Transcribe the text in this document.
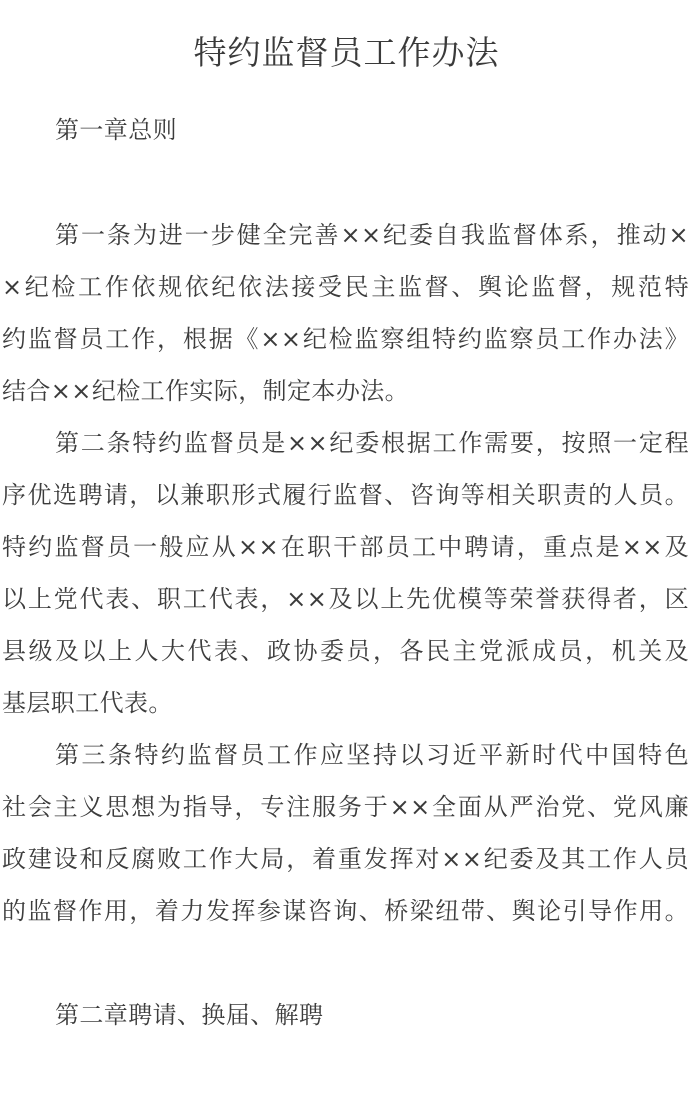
特约监督员工作办法
第一章总则
第一条为进一步健全完善××纪委自我监督体系，推动×
×纪检工作依规依纪依法接受民主监督、舆论监督，规范特
约监督员工作，根据《××纪检监察组特约监察员工作办法》
结合××纪检工作实际，制定本办法。
第二条特约监督员是××纪委根据工作需要，按照一定程
序优选聘请，以兼职形式履行监督、咨询等相关职责的人员。
特约监督员一般应从××在职干部员工中聘请，重点是××及
以上党代表、职工代表，××及以上先优模等荣誉获得者，区
县级及以上人大代表、政协委员，各民主党派成员，机关及
基层职工代表。
第三条特约监督员工作应坚持以习近平新时代中国特色
社会主义思想为指导，专注服务于××全面从严治党、党风廉
政建设和反腐败工作大局，着重发挥对××纪委及其工作人员
的监督作用，着力发挥参谋咨询、桥梁纽带、舆论引导作用。
第二章聘请、换届、解聘
